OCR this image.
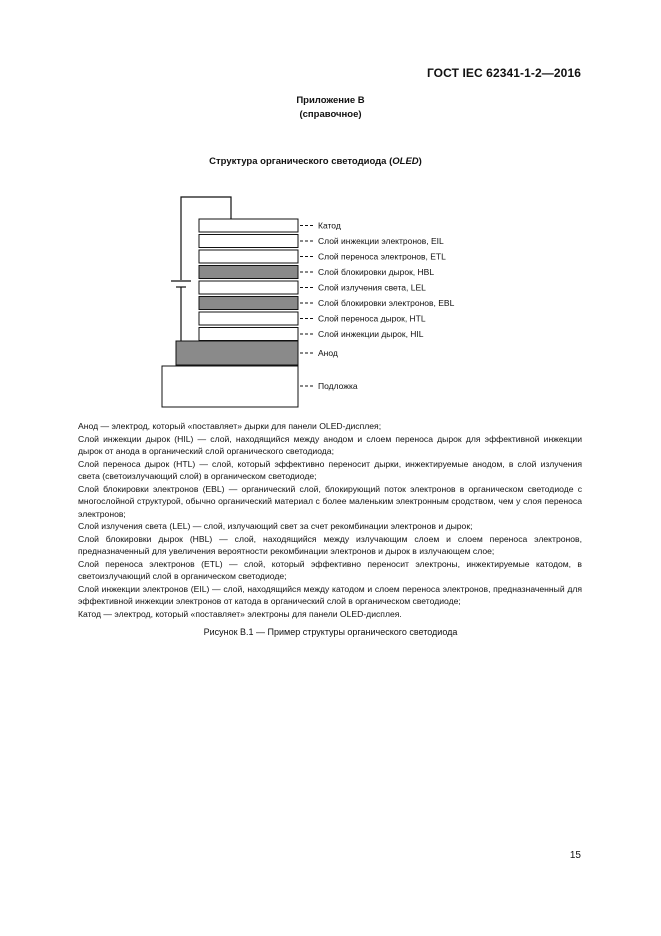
ГОСТ IEC 62341-1-2—2016
Приложение В
(справочное)
Структура органического светодиода (OLED)
Катод
Слой инжекции электронов, EIL
Слой переноса электронов, ETL
Слой блокировки дырок, HBL
Слой излучения света, LEL
Слой блокировки электронов, EBL
Слой переноса дырок, HTL
Слой инжекции дырок, HIL
Анод
Подложка

Анод — электрод, который «поставляет» дырки для панели OLED-дисплея;

Слой инжекции дырок (HIL) — слой, находящийся между анодом и слоем переноса дырок для эффективной инжекции дырок от анода в органический слой органического светодиода;

Слой переноса дырок (HTL) — слой, который эффективно переносит дырки, инжектируемые анодом, в слой излучения света (светоизлучающий слой) в органическом светодиоде;

Слой блокировки электронов (EBL) — органический слой, блокирующий поток электронов в органическом светодиоде с многослойной структурой, обычно органический материал с более маленьким электронным сродством, чем у слоя переноса электронов;

Слой излучения света (LEL) — слой, излучающий свет за счет рекомбинации электронов и дырок;

Слой блокировки дырок (HBL) — слой, находящийся между излучающим слоем и слоем переноса электронов, предназначенный для увеличения вероятности рекомбинации электронов и дырок в излучающем слое;

Слой переноса электронов (ETL) — слой, который эффективно переносит электроны, инжектируемые катодом, в светоизлучающий слой в органическом светодиоде;

Слой инжекции электронов (EIL) — слой, находящийся между катодом и слоем переноса электронов, предназначенный для эффективной инжекции электронов от катода в органический слой в органическом светодиоде;

Катод — электрод, который «поставляет» электроны для панели OLED-дисплея.

Рисунок В.1 — Пример структуры органического светодиода
15
